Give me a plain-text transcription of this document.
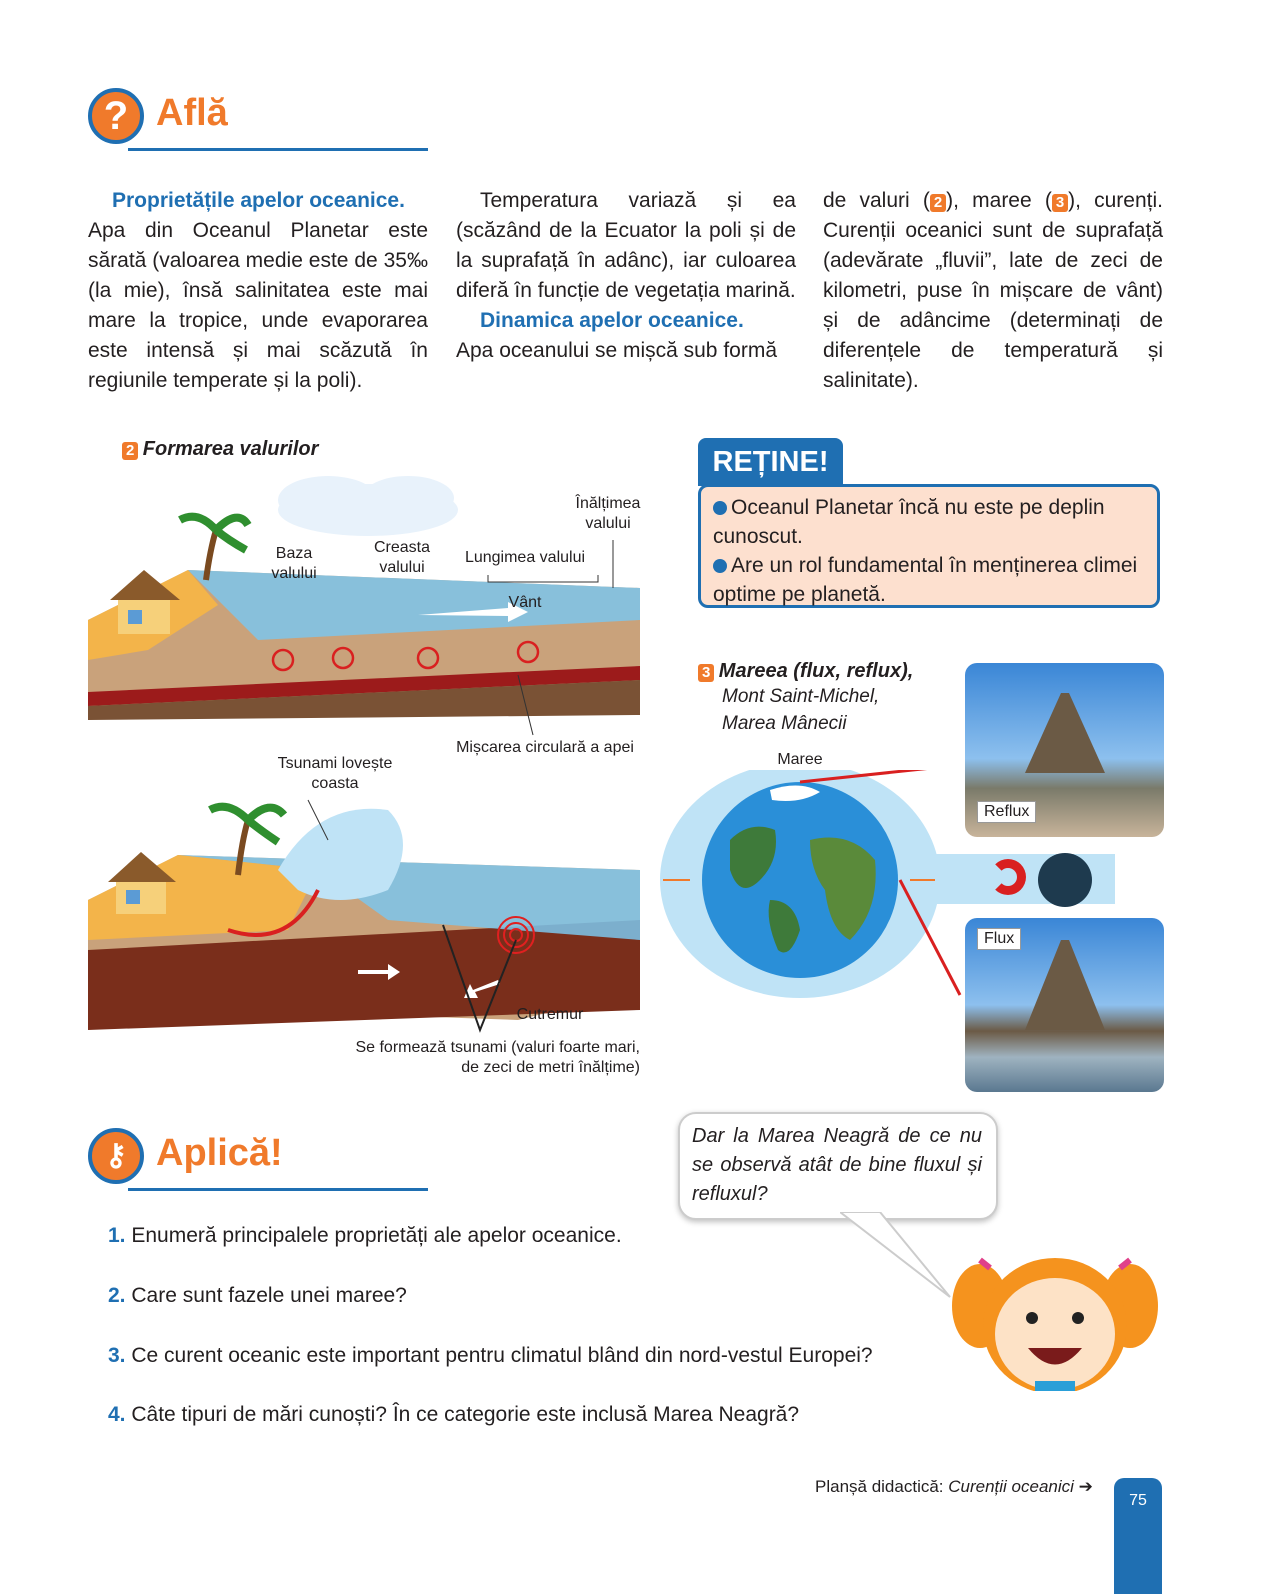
? Află

Proprietățile apelor oceanice.

Apa din Oceanul Planetar este sărată (valoarea medie este de 35‰ (la mie), însă salinitatea este mai mare la tropice, unde evaporarea este intensă și mai scăzută în regiunile temperate și la poli).

Temperatura variază și ea (scăzând de la Ecuator la poli și de la suprafață în adânc), iar culoarea diferă în funcție de vegetația marină.

Dinamica apelor oceanice.

Apa oceanului se mișcă sub formă

de valuri ( 2 ), maree ( 3 ), curenți. Curenții oceanici sunt de suprafață (adevărate „fluvii”, late de zeci de kilometri, puse în mișcare de vânt) și de adâncime (determinați de diferențele de temperatură și salinitate).

2 Formarea valurilor
Baza valului
Creasta valului
Lungimea valului
Înălțimea valului
Vânt
Mișcarea circulară a apei
Tsunami lovește coasta
Cutremur
Se formează tsunami (valuri foarte mari, de zeci de metri înălțime)
REȚINE!
Oceanul Planetar încă nu este pe deplin cunoscut.
Are un rol fundamental în menținerea climei optime pe planetă.
3 Mareea (flux, reflux),
Mont Saint-Michel,
Marea Mânecii
Maree
Reflux
Flux
⚷ Aplică!	Dar la Marea Neagră de ce nu se observă atât de bine fluxul și refluxul?
1. Enumeră principalele proprietăți ale apelor oceanice.
2. Care sunt fazele unei maree?
3. Ce curent oceanic este important pentru climatul blând din nord-vestul Europei?
4. Câte tipuri de mări cunoști? În ce categorie este inclusă Marea Neagră?
Planșă didactică: Curenții oceanici ➔
75
